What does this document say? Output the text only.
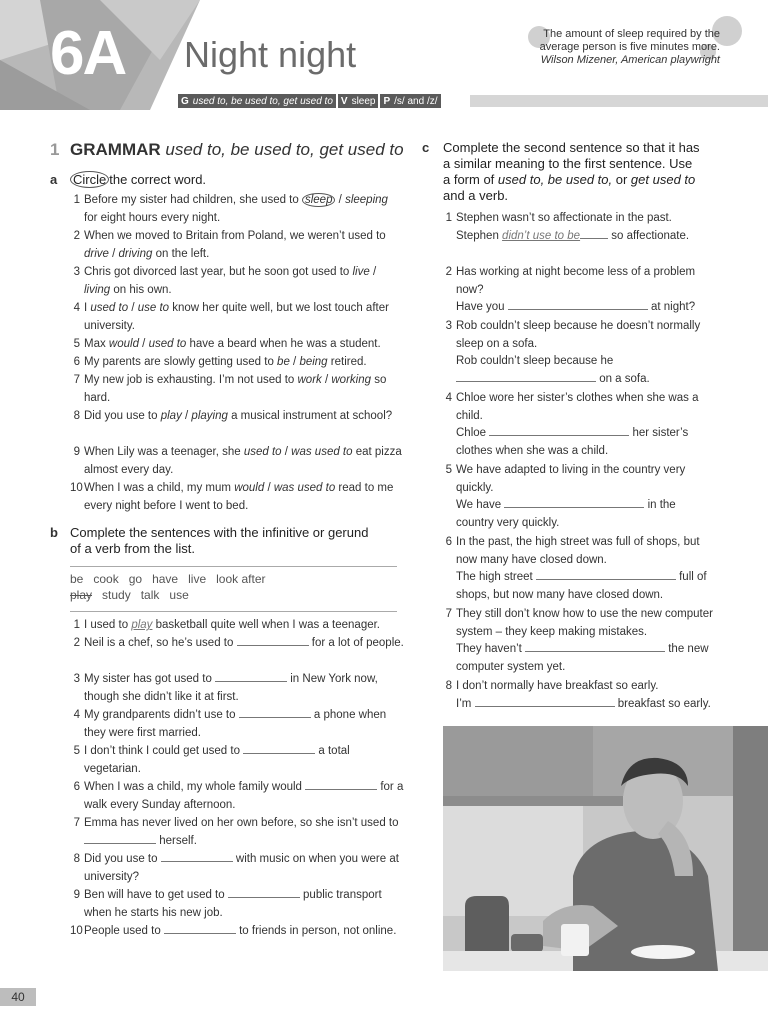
6A Night night	The amount of sleep required by the
average person is five minutes more.
Wilson Mizener, American playwright
G used to, be used to, get used to V sleep P /s/ and /z/
1 GRAMMAR used to, be used to, get used to
a Circle the correct word.
1 Before my sister had children, she used to sleep / sleeping for eight hours every night.
2 When we moved to Britain from Poland, we weren’t used to drive / driving on the left.
3 Chris got divorced last year, but he soon got used to live / living on his own.
4 I used to / use to know her quite well, but we lost touch after university.
5 Max would / used to have a beard when he was a student.
6 My parents are slowly getting used to be / being retired.
7 My new job is exhausting. I’m not used to work / working so hard.
8 Did you use to play / playing a musical instrument at school?
9 When Lily was a teenager, she used to / was used to eat pizza almost every day.
10 When I was a child, my mum would / was used to read to me every night before I went to bed.
b Complete the sentences with the infinitive or gerund
of a verb from the list.
be cook go have live look after
play study talk use
1 I used to play basketball quite well when I was a teenager.
2 Neil is a chef, so he’s used to	for a lot of people.
3 My sister has got used to	in New York now, though she didn’t like it at first.
4 My grandparents didn’t use to	a phone when they were first married.
5 I don’t think I could get used to	a total vegetarian.
6 When I was a child, my whole family would	for a walk every Sunday afternoon.
7 Emma has never lived on her own before, so she isn’t used to  herself.
8 Did you use to	with music on when you were at university?
9 Ben will have to get used to	public transport when he starts his new job.
10 People used to	to friends in person, not online.
c Complete the second sentence so that it has
a similar meaning to the first sentence. Use
a form of used to, be used to, or get used to
and a verb.
1 Stephen wasn’t so affectionate in the past.
Stephen didn’t use to be so affectionate.
2 Has working at night become less of a problem now?
Have you	at night?
3 Rob couldn’t sleep because he doesn’t normally sleep on a sofa.
Rob couldn’t sleep because he
on a sofa.
4 Chloe wore her sister’s clothes when she was a child.
Chloe	her sister’s clothes when she was a child.
5 We have adapted to living in the country very quickly.
We have	in the country very quickly.
6 In the past, the high street was full of shops, but now many have closed down.
The high street	full of shops, but now many have closed down.
7 They still don’t know how to use the new computer system – they keep making mistakes.
They haven’t	the new computer system yet.
8 I don’t normally have breakfast so early.
I’m	breakfast so early.
40
